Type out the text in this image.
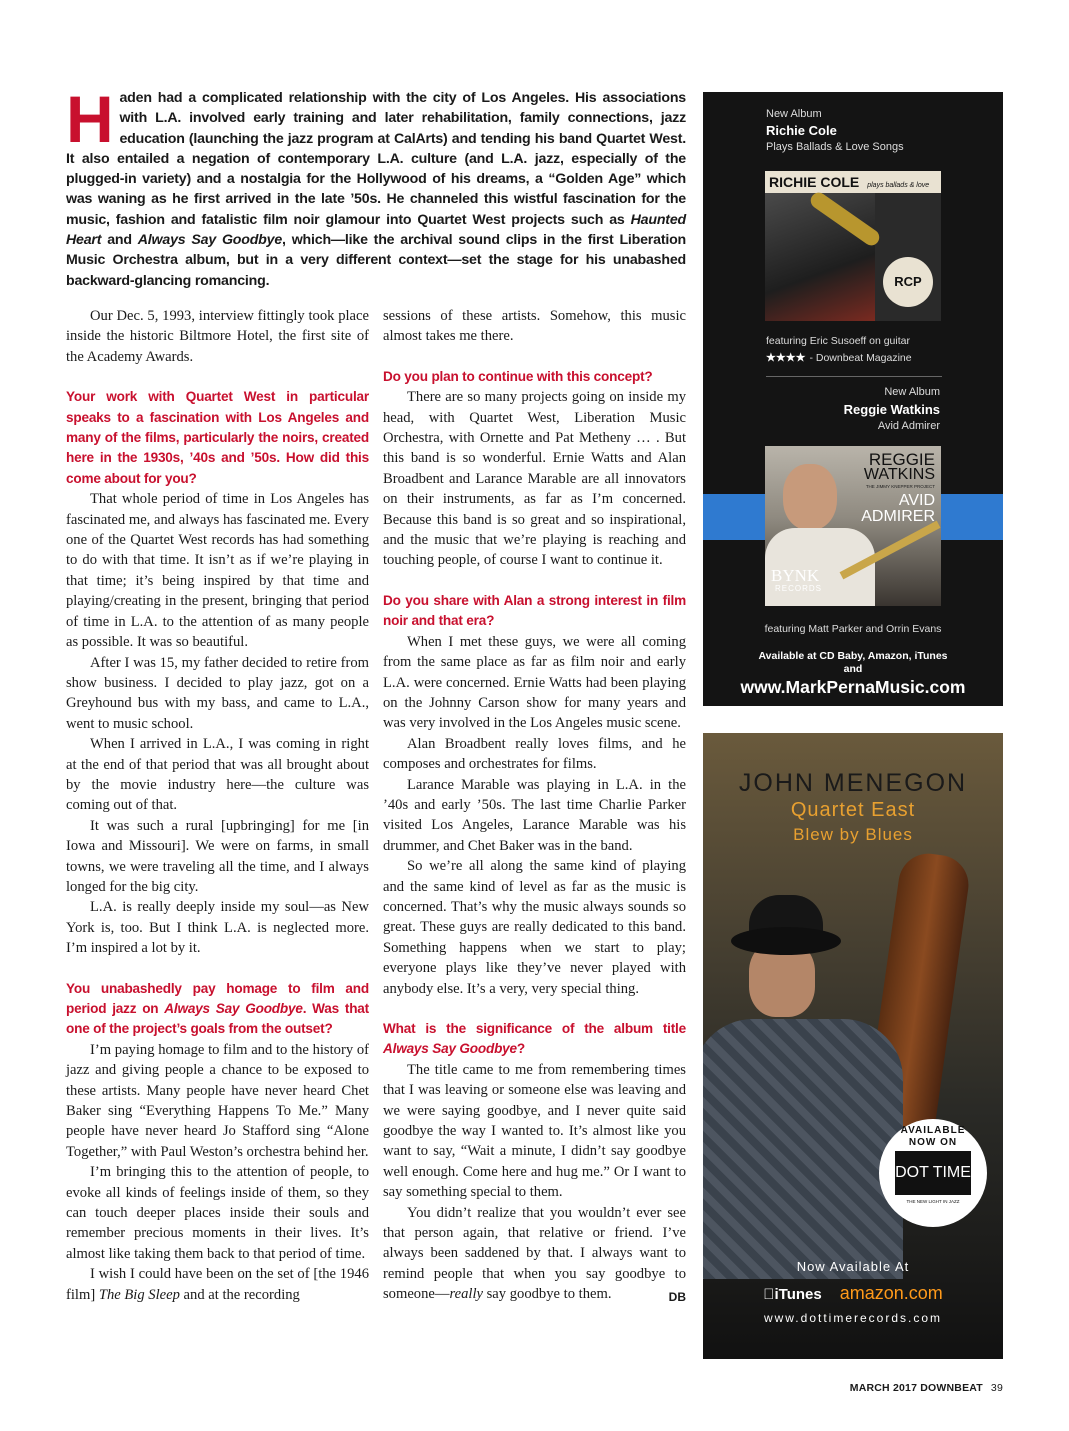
Haden had a complicated relationship with the city of Los Angeles. His associations with L.A. involved early training and later rehabilitation, family connections, jazz education (launching the jazz program at CalArts) and tending his band Quartet West. It also entailed a negation of contemporary L.A. culture (and L.A. jazz, especially of the plugged-in variety) and a nostalgia for the Hollywood of his dreams, a “Golden Age” which was waning as he first arrived in the late ’50s. He channeled this wistful fascination for the music, fashion and fatalistic film noir glamour into Quartet West projects such as Haunted Heart and Always Say Goodbye, which—like the archival sound clips in the first Liberation Music Orchestra album, but in a very different context—set the stage for his unabashed backward-glancing romancing.

Our Dec. 5, 1993, interview fittingly took place inside the historic Biltmore Hotel, the first site of the Academy Awards.

Your work with Quartet West in particular speaks to a fascination with Los Angeles and many of the films, particularly the noirs, created here in the 1930s, ’40s and ’50s. How did this come about for you?

That whole period of time in Los Angeles has fascinated me, and always has fascinated me. Every one of the Quartet West records has had something to do with that time. It isn’t as if we’re playing in that time; it’s being inspired by that time and playing/creating in the present, bringing that period of time in L.A. to the attention of as many people as possible. It was so beautiful.

After I was 15, my father decided to retire from show business. I decided to play jazz, got on a Greyhound bus with my bass, and came to L.A., went to music school.

When I arrived in L.A., I was coming in right at the end of that period that was all brought about by the movie industry here—the culture was coming out of that.

It was such a rural [upbringing] for me [in Iowa and Missouri]. We were on farms, in small towns, we were traveling all the time, and I always longed for the big city.

L.A. is really deeply inside my soul—as New York is, too. But I think L.A. is neglected more. I’m inspired a lot by it.

You unabashedly pay homage to film and period jazz on Always Say Goodbye. Was that one of the project’s goals from the outset?

I’m paying homage to film and to the history of jazz and giving people a chance to be exposed to these artists. Many people have never heard Chet Baker sing “Everything Happens To Me.” Many people have never heard Jo Stafford sing “Alone Together,” with Paul Weston’s orchestra behind her.

I’m bringing this to the attention of people, to evoke all kinds of feelings inside of them, so they can touch deeper places inside their souls and remember precious moments in their lives. It’s almost like taking them back to that period of time.

I wish I could have been on the set of [the 1946 film] The Big Sleep and at the recording

sessions of these artists. Somehow, this music almost takes me there.

Do you plan to continue with this concept?

There are so many projects going on inside my head, with Quartet West, Liberation Music Orchestra, with Ornette and Pat Metheny … . But this band is so wonderful. Ernie Watts and Alan Broadbent and Larance Marable are all innovators on their instruments, as far as I’m concerned. Because this band is so great and so inspirational, and the music that we’re playing is reaching and touching people, of course I want to continue it.

Do you share with Alan a strong interest in film noir and that era?

When I met these guys, we were all coming from the same place as far as film noir and early L.A. were concerned. Ernie Watts had been playing on the Johnny Carson show for many years and was very involved in the Los Angeles music scene.

Alan Broadbent really loves films, and he composes and orchestrates for films.

Larance Marable was playing in L.A. in the ’40s and early ’50s. The last time Charlie Parker visited Los Angeles, Larance Marable was his drummer, and Chet Baker was in the band.

So we’re all along the same kind of playing and the same kind of level as far as the music is concerned. That’s why the music always sounds so great. These guys are really dedicated to this band. Something happens when we start to play; everyone plays like they’ve never played with anybody else. It’s a very, very special thing.

What is the significance of the album title Always Say Goodbye?

The title came to me from remembering times that I was leaving or someone else was leaving and we were saying goodbye, and I never quite said goodbye the way I wanted to. It’s almost like you want to say, “Wait a minute, I didn’t say goodbye well enough. Come here and hug me.” Or I want to say something special to them.

You didn’t realize that you wouldn’t ever see that person again, that relative or friend. I’ve always been saddened by that. I always want to remind people that when you say goodbye to someone—really say goodbye to them.	DB

New Album
Richie Cole
Plays Ballads & Love Songs
RICHIE COLE plays ballads & love
RCP
featuring Eric Susoeff on guitar
★★★★ - Downbeat Magazine
New Album
Reggie Watkins
Avid Admirer
REGGIE
WATKINS
THE JIMMY KNEPPER PROJECT
AVID
ADMIRER
BYNK
RECORDS
featuring Matt Parker and Orrin Evans
Available at CD Baby, Amazon, iTunes
and
www.MarkPernaMusic.com
JOHN MENEGON
Quartet East
Blew by Blues
AVAILABLE
NOW ON
DOT TIME
THE NEW LIGHT IN JAZZ
Now Available At
iTunes amazon.com
www.dottimerecords.com
MARCH 2017 DOWNBEAT 39
